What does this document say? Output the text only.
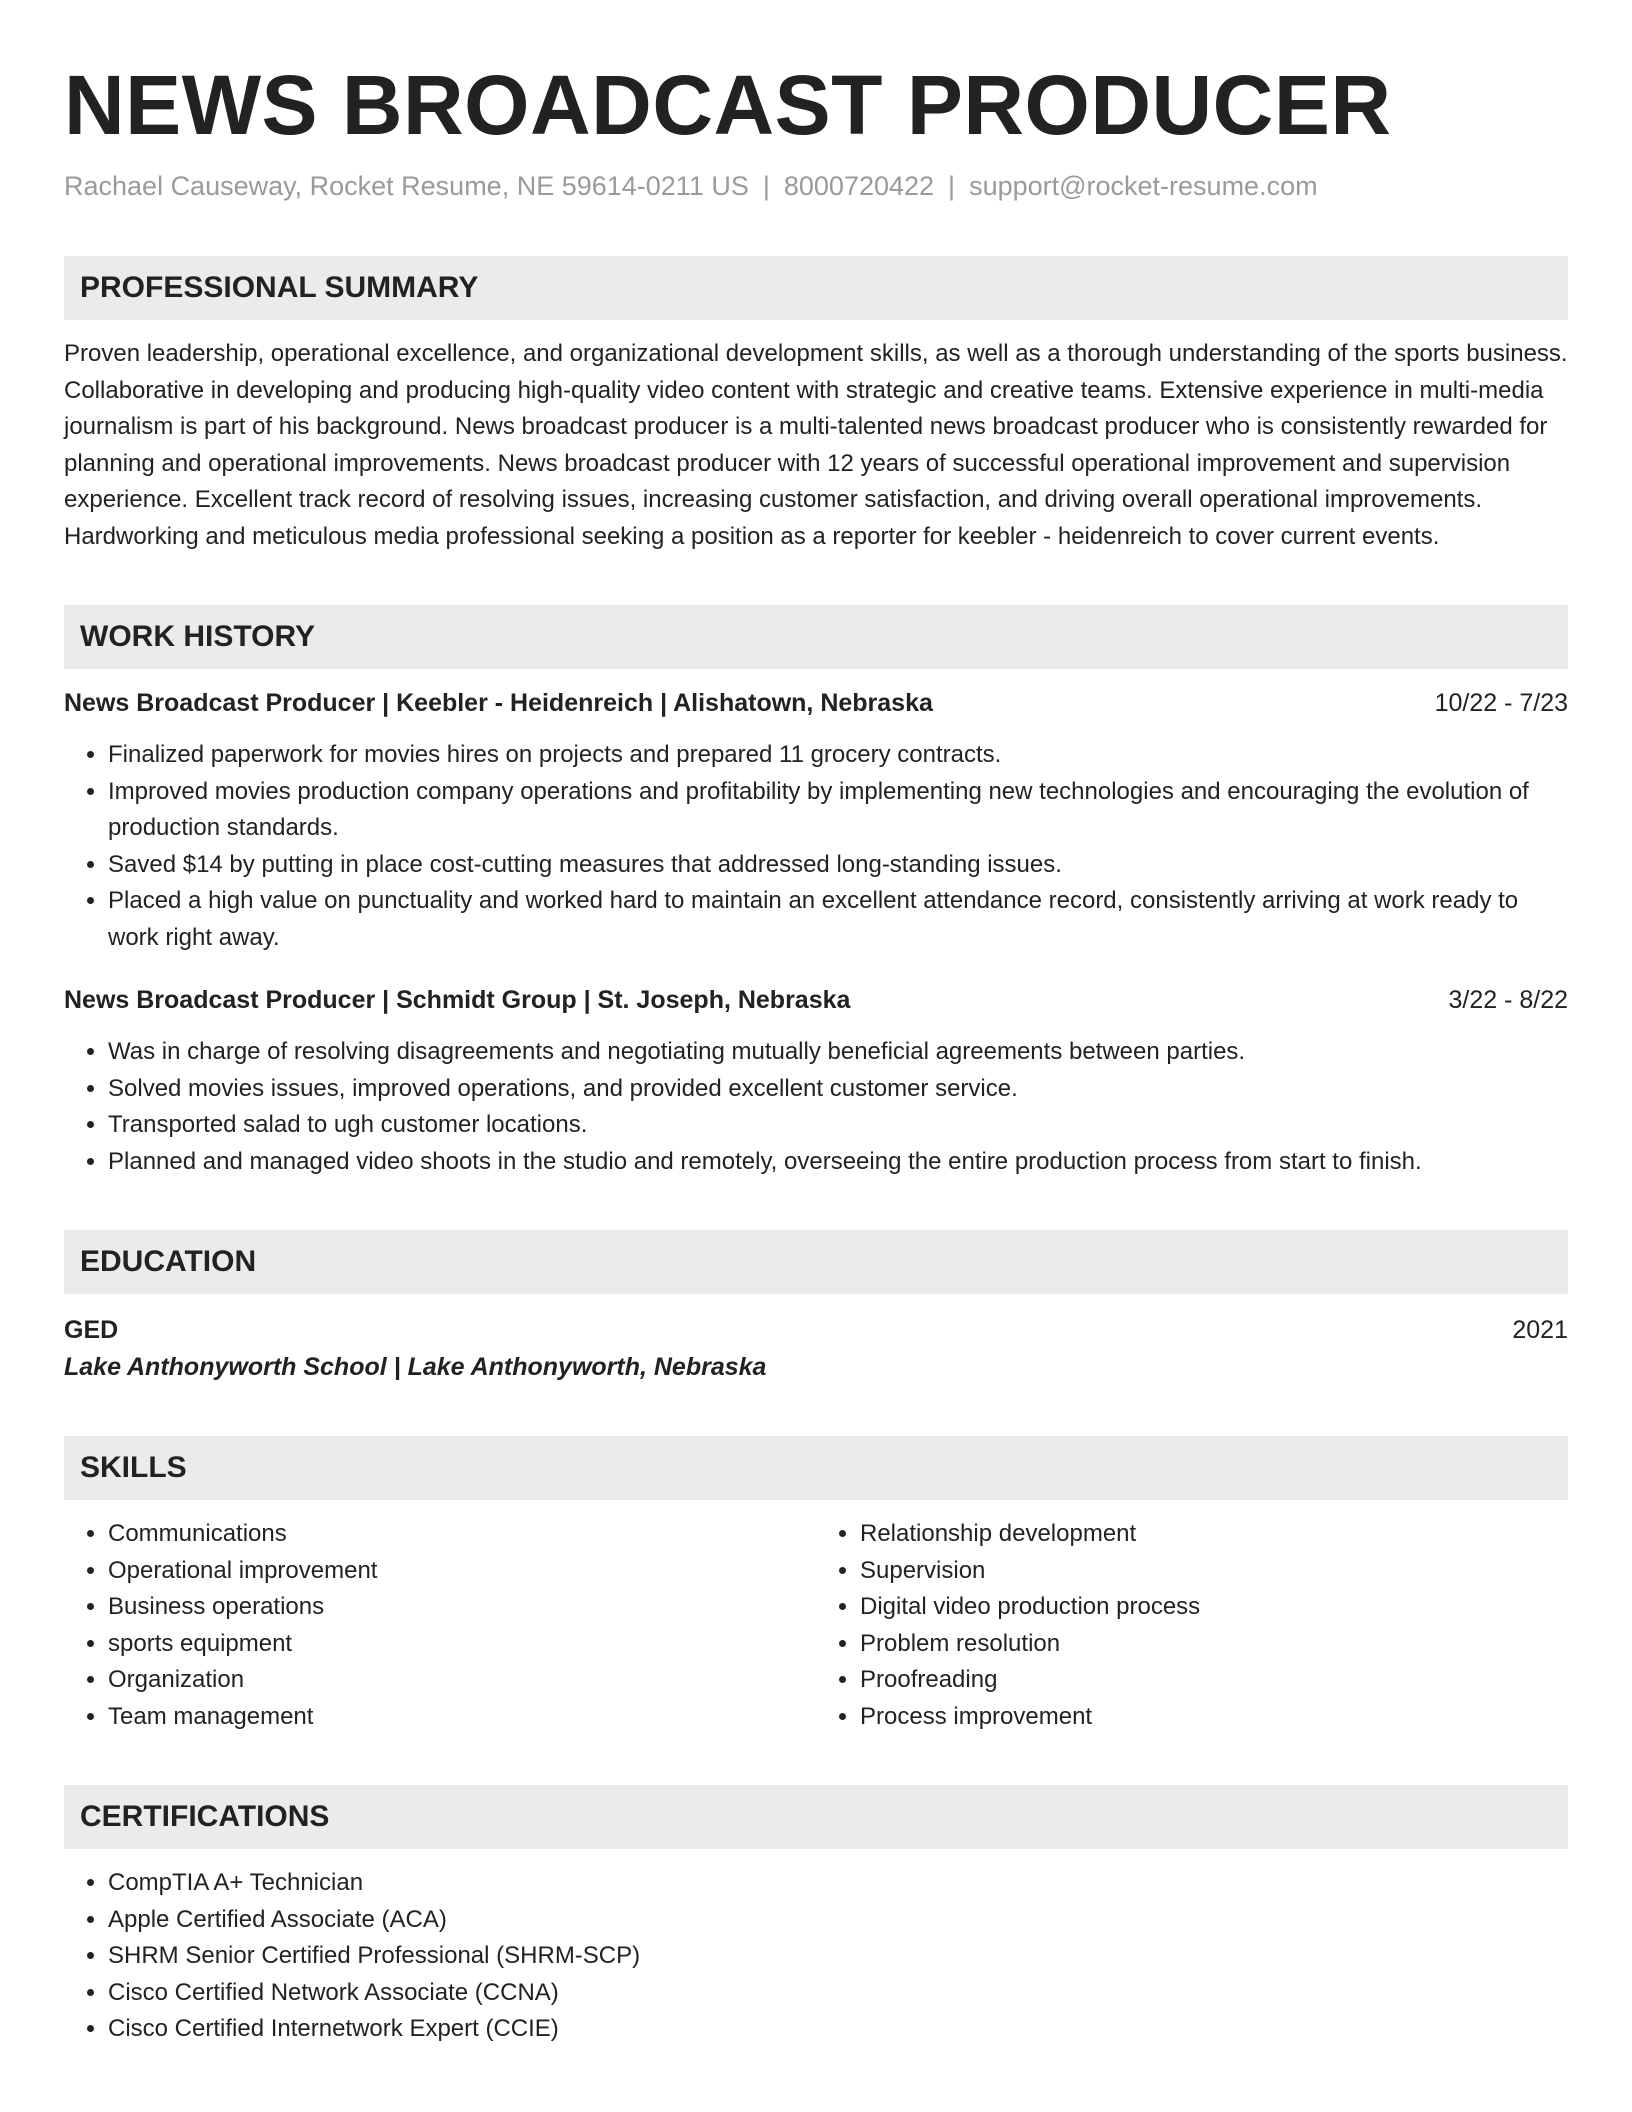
NEWS BROADCAST PRODUCER
Rachael Causeway, Rocket Resume, NE 59614-0211 US | 8000720422 | support@rocket-resume.com
PROFESSIONAL SUMMARY
Proven leadership, operational excellence, and organizational development skills, as well as a thorough understanding of the sports business. Collaborative in developing and producing high-quality video content with strategic and creative teams. Extensive experience in multi-media journalism is part of his background. News broadcast producer is a multi-talented news broadcast producer who is consistently rewarded for planning and operational improvements. News broadcast producer with 12 years of successful operational improvement and supervision experience. Excellent track record of resolving issues, increasing customer satisfaction, and driving overall operational improvements. Hardworking and meticulous media professional seeking a position as a reporter for keebler - heidenreich to cover current events.
WORK HISTORY
News Broadcast Producer | Keebler - Heidenreich | Alishatown, Nebraska	10/22 - 7/23
• Finalized paperwork for movies hires on projects and prepared 11 grocery contracts.
• Improved movies production company operations and profitability by implementing new technologies and encouraging the evolution of production standards.
• Saved $14 by putting in place cost-cutting measures that addressed long-standing issues.
• Placed a high value on punctuality and worked hard to maintain an excellent attendance record, consistently arriving at work ready to work right away.
News Broadcast Producer | Schmidt Group | St. Joseph, Nebraska	3/22 - 8/22
• Was in charge of resolving disagreements and negotiating mutually beneficial agreements between parties.
• Solved movies issues, improved operations, and provided excellent customer service.
• Transported salad to ugh customer locations.
• Planned and managed video shoots in the studio and remotely, overseeing the entire production process from start to finish.
EDUCATION
GED	2021
Lake Anthonyworth School | Lake Anthonyworth, Nebraska
SKILLS
• Communications
• Operational improvement
• Business operations
• sports equipment
• Organization
• Team management
• Relationship development
• Supervision
• Digital video production process
• Problem resolution
• Proofreading
• Process improvement
CERTIFICATIONS
• CompTIA A+ Technician
• Apple Certified Associate (ACA)
• SHRM Senior Certified Professional (SHRM-SCP)
• Cisco Certified Network Associate (CCNA)
• Cisco Certified Internetwork Expert (CCIE)
